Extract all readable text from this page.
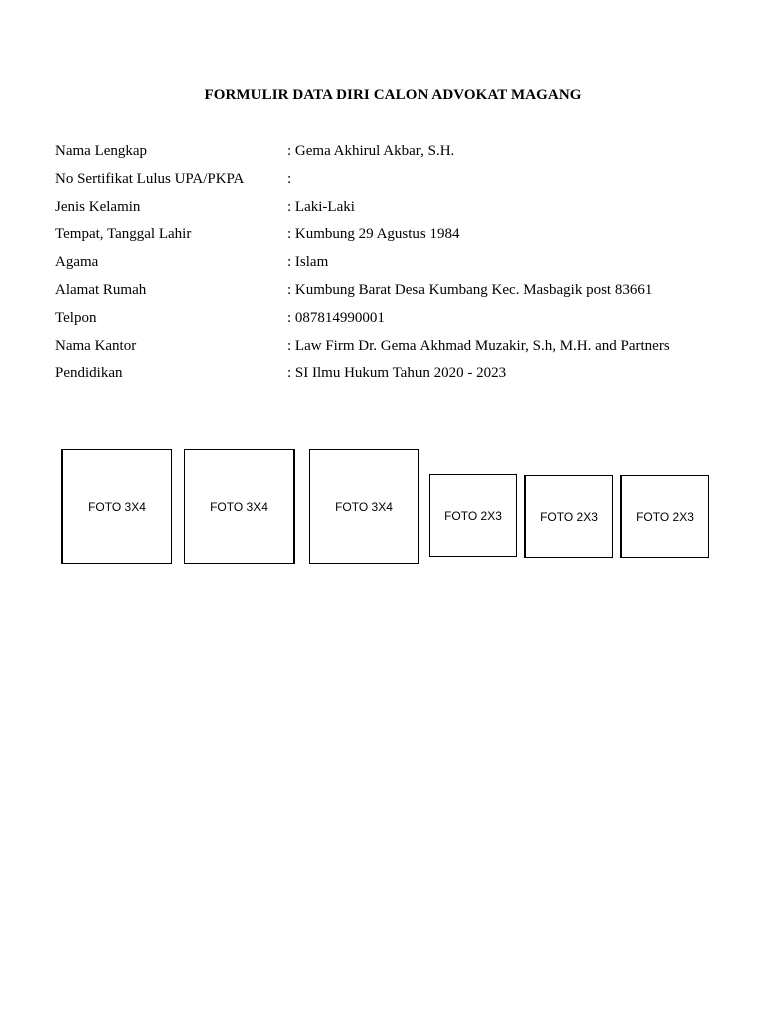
FORMULIR DATA DIRI CALON ADVOKAT MAGANG
Nama Lengkap	: Gema Akhirul Akbar, S.H.
No Sertifikat Lulus UPA/PKPA	:
Jenis Kelamin	: Laki-Laki
Tempat, Tanggal Lahir	: Kumbung 29 Agustus 1984
Agama	: Islam
Alamat Rumah	: Kumbung Barat Desa Kumbang Kec. Masbagik post 83661
Telpon	: 087814990001
Nama Kantor	: Law Firm Dr. Gema Akhmad Muzakir, S.h, M.H. and Partners
Pendidikan	: SI Ilmu Hukum Tahun 2020 - 2023
FOTO 3X4	FOTO 3X4	FOTO 3X4
FOTO 2X3	FOTO 2X3	FOTO 2X3
